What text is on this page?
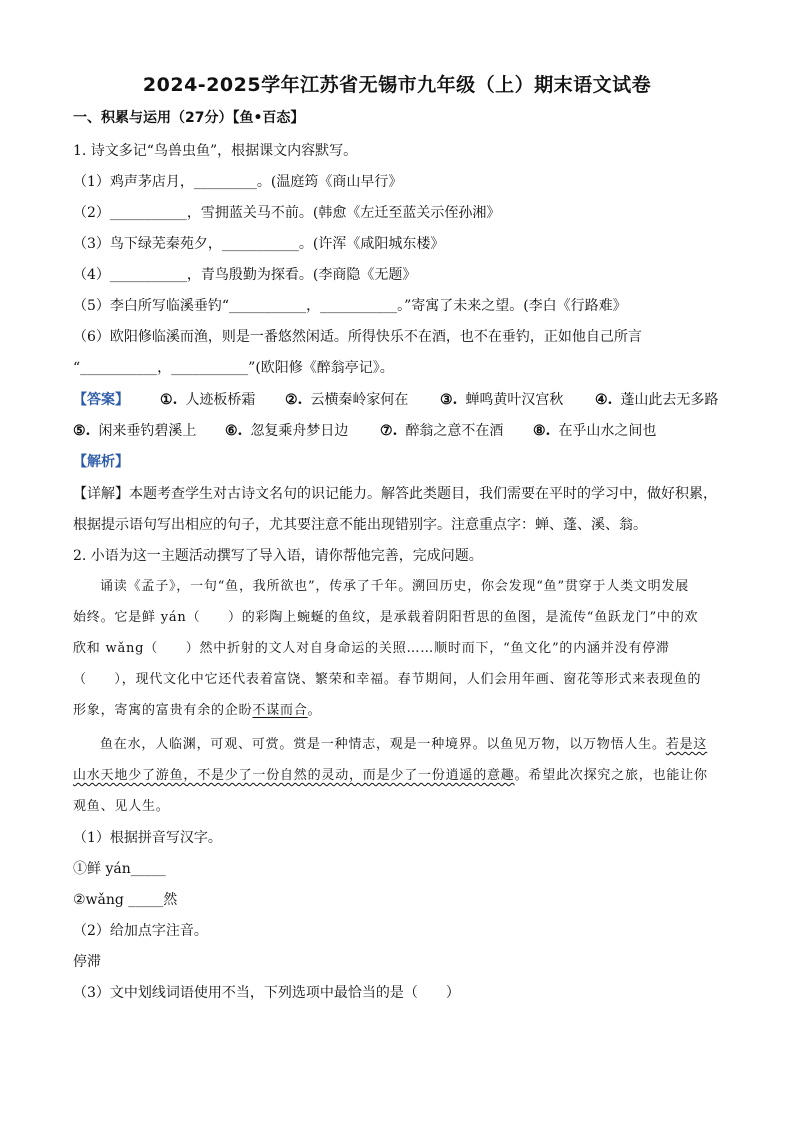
2024-2025学年江苏省无锡市九年级（上）期末语文试卷
一、积累与运用（27分）【鱼•百态】
1. 诗文多记“鸟兽虫鱼”，根据课文内容默写。
（1）鸡声茅店月，_________。(温庭筠《商山早行》
（2）___________，雪拥蓝关马不前。(韩愈《左迁至蓝关示侄孙湘》
（3）鸟下绿芜秦苑夕，___________。(许浑《咸阳城东楼》
（4）___________，青鸟殷勤为探看。(李商隐《无题》
（5）李白所写临溪垂钓“___________，___________。”寄寓了未来之望。(李白《行路难》
（6）欧阳修临溪而渔，则是一番悠然闲适。所得快乐不在酒，也不在垂钓，正如他自己所言
“___________，___________”(欧阳修《醉翁亭记》。
【答案】 ①. 人迹板桥霜 ②. 云横秦岭家何在 ③. 蝉鸣黄叶汉宫秋 ④. 蓬山此去无多路
⑤. 闲来垂钓碧溪上 ⑥. 忽复乘舟梦日边 ⑦. 醉翁之意不在酒 ⑧. 在乎山水之间也
【解析】
【详解】本题考查学生对古诗文名句的识记能力。解答此类题目，我们需要在平时的学习中，做好积累，
根据提示语句写出相应的句子，尤其要注意不能出现错别字。注意重点字：蝉、蓬、溪、翁。
2. 小语为这一主题活动撰写了导入语，请你帮他完善，完成问题。
诵读《孟子》，一句“鱼，我所欲也”，传承了千年。溯回历史，你会发现“鱼”贯穿于人类文明发展
始终。它是鲜 yán（　　）的彩陶上蜿蜒的鱼纹，是承载着阴阳哲思的鱼图，是流传“鱼跃龙门”中的欢
欣和 wǎng（　　）然中折射的文人对自身命运的关照……顺时而下，“鱼文化”的内涵并没有停滞
（　　），现代文化中它还代表着富饶、繁荣和幸福。春节期间，人们会用年画、窗花等形式来表现鱼的
形象，寄寓的富贵有余的企盼不谋而合。
鱼在水，人临渊，可观、可赏。赏是一种情志，观是一种境界。以鱼见万物，以万物悟人生。若是这
山水天地少了游鱼，不是少了一份自然的灵动，而是少了一份逍遥的意趣。希望此次探究之旅，也能让你
观鱼、见人生。
（1）根据拼音写汉字。
①鲜 yán_____
②wǎng _____然
（2）给加点字注音。
停滞
（3）文中划线词语使用不当，下列选项中最恰当的是（　　）
